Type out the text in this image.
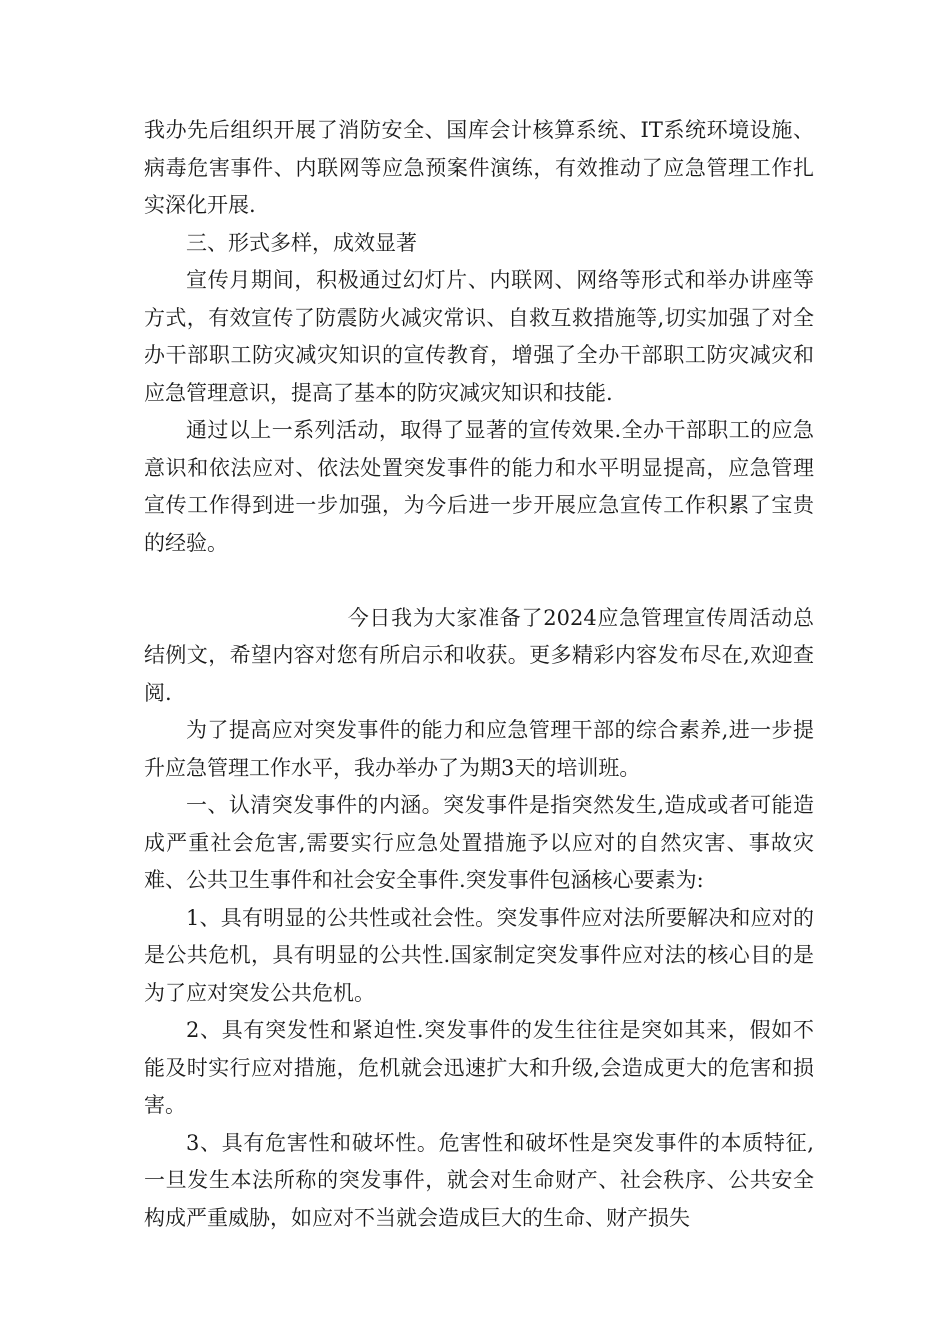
我办先后组织开展了消防安全、国库会计核算系统、IT系统环境设施、病毒危害事件、内联网等应急预案件演练，有效推动了应急管理工作扎实深化开展.

三、形式多样，成效显著

宣传月期间，积极通过幻灯片、内联网、网络等形式和举办讲座等方式，有效宣传了防震防火减灾常识、自救互救措施等,切实加强了对全办干部职工防灾减灾知识的宣传教育，增强了全办干部职工防灾减灾和应急管理意识，提高了基本的防灾减灾知识和技能.

通过以上一系列活动，取得了显著的宣传效果.全办干部职工的应急意识和依法应对、依法处置突发事件的能力和水平明显提高，应急管理宣传工作得到进一步加强，为今后进一步开展应急宣传工作积累了宝贵的经验。

今日我为大家准备了2024应急管理宣传周活动总结例文，希望内容对您有所启示和收获。更多精彩内容发布尽在,欢迎查阅.

为了提高应对突发事件的能力和应急管理干部的综合素养,进一步提升应急管理工作水平，我办举办了为期3天的培训班。

一、认清突发事件的内涵。突发事件是指突然发生,造成或者可能造成严重社会危害,需要实行应急处置措施予以应对的自然灾害、事故灾难、公共卫生事件和社会安全事件.突发事件包涵核心要素为:

1、具有明显的公共性或社会性。突发事件应对法所要解决和应对的是公共危机，具有明显的公共性.国家制定突发事件应对法的核心目的是为了应对突发公共危机。

2、具有突发性和紧迫性.突发事件的发生往往是突如其来，假如不能及时实行应对措施，危机就会迅速扩大和升级,会造成更大的危害和损害。

3、具有危害性和破坏性。危害性和破坏性是突发事件的本质特征,一旦发生本法所称的突发事件，就会对生命财产、社会秩序、公共安全构成严重威胁，如应对不当就会造成巨大的生命、财产损失
